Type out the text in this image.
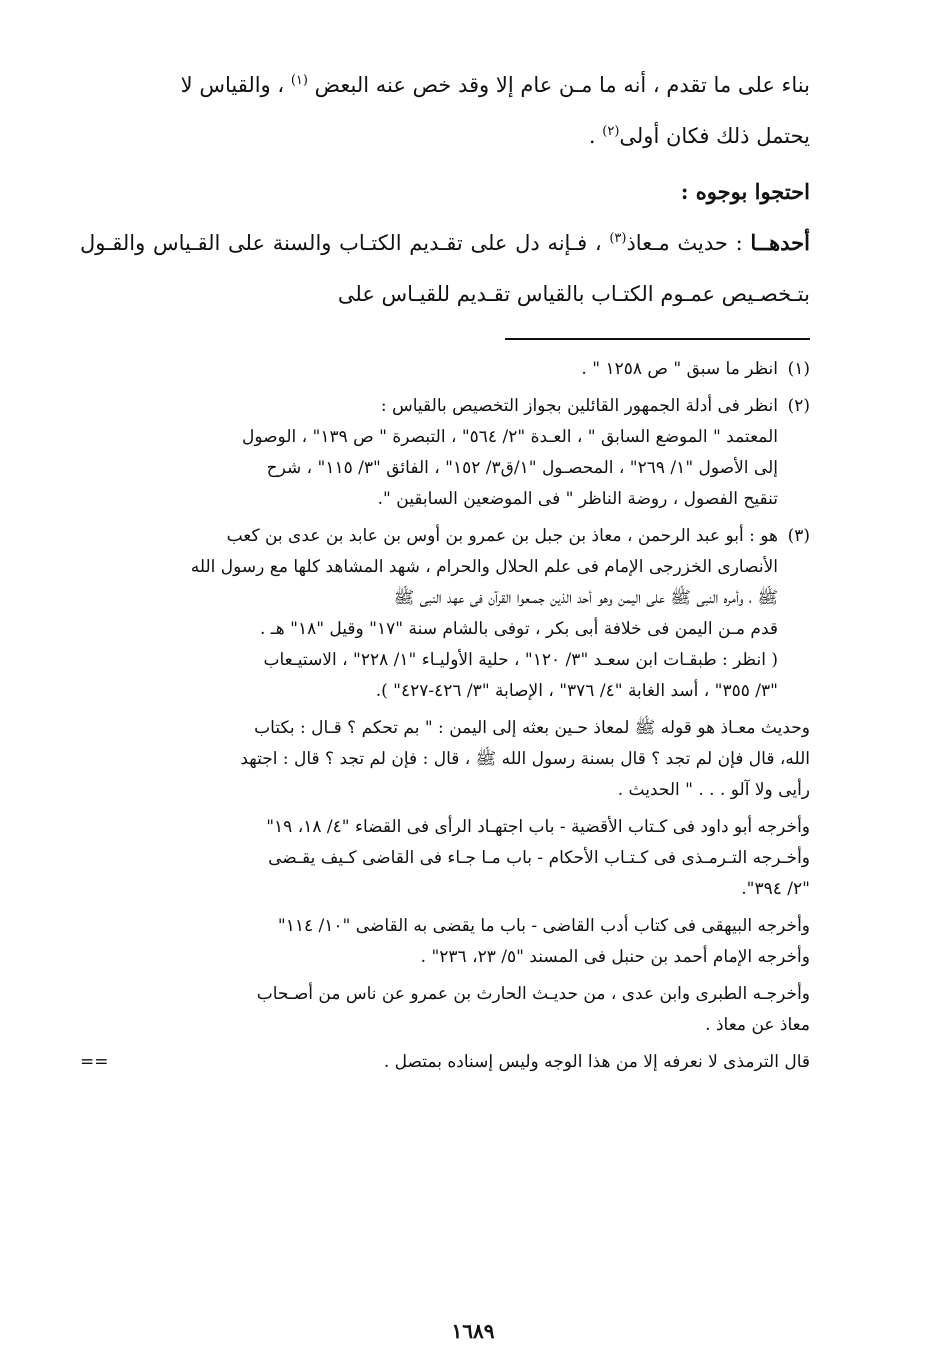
بناء على ما تقدم ، أنه ما مـن عام إلا وقد خص عنه البعض $^{(١)}$ ، والقياس لا

يحتمل ذلك فكان أولى$^{(٢)}$ .

احتجوا بوجوه :

أحدهــا : حديث مـعاذ$^{(٣)}$ ، فـإنه دل على تقـديم الكتـاب والسنة على القـياس والقـول بتـخصـيص عمـوم الكتـاب بالقياس تقـديم للقيـاس على

(١)
انظر ما سبق " ص ١٢٥٨ " .
(٢)
انظر فى أدلة الجمهور القائلين بجواز التخصيص بالقياس :
المعتمد " الموضع السابق " ، العـدة "٢/ ٥٦٤" ، التبصرة " ص ١٣٩" ، الوصول
إلى الأصول "١/ ٢٦٩" ، المحصـول "١/ق٣/ ١٥٢" ، الفائق "٣/ ١١٥" ، شرح
تنقيح الفصول ، روضة الناظر " فى الموضعين السابقين ".
(٣)
هو : أبو عبد الرحمن ، معاذ بن جبل بن عمرو بن أوس بن عابد بن عدى بن كعب
الأنصارى الخزرجى الإمام فى علم الحلال والحرام ، شهد المشاهد كلها مع رسول الله
ﷺ ، وأمره النبى ﷺ على اليمن وهو أحد الذين جمـعوا القرآن فى عهد النبى ﷺ
قدم مـن اليمن فى خلافة أبى بكر ، توفى بالشام سنة "١٧" وقيل "١٨" هـ .
( انظر : طبقـات ابن سعـد "٣/ ١٢٠" ، حلية الأوليـاء "١/ ٢٢٨" ، الاستيـعاب
"٣/ ٣٥٥" ، أسد الغابة "٤/ ٣٧٦" ، الإصابة "٣/ ٤٢٦-٤٢٧" ).
وحديث معـاذ هو قوله ﷺ لمعاذ حـين بعثه إلى اليمن : " بم تحكم ؟ قـال : بكتاب
الله، قال فإن لم تجد ؟ قال بسنة رسول الله ﷺ ، قال : فإن لم تجد ؟ قال : اجتهد
رأيى ولا آلو . . . " الحديث .
وأخرجه أبو داود فى كـتاب الأقضية - باب اجتهـاد الرأى فى القضاء "٤/ ١٨، ١٩"
وأخـرجه التـرمـذى فى كـتـاب الأحكام - باب مـا جـاء فى القاضى كـيف يقـضى
"٢/ ٣٩٤".
وأخرجه البيهقى فى كتاب أدب القاضى - باب ما يقضى به القاضى "١٠/ ١١٤"
وأخرجه الإمام أحمد بن حنبل فى المسند "٥/ ٢٣، ٢٣٦" .
وأخرجـه الطبرى وابن عدى ، من حديـث الحارث بن عمرو عن ناس من أصـحاب
معاذ عن معاذ .
قال الترمذى لا نعرفه إلا من هذا الوجه وليس إسناده بمتصل .
==
١٦٨٩
